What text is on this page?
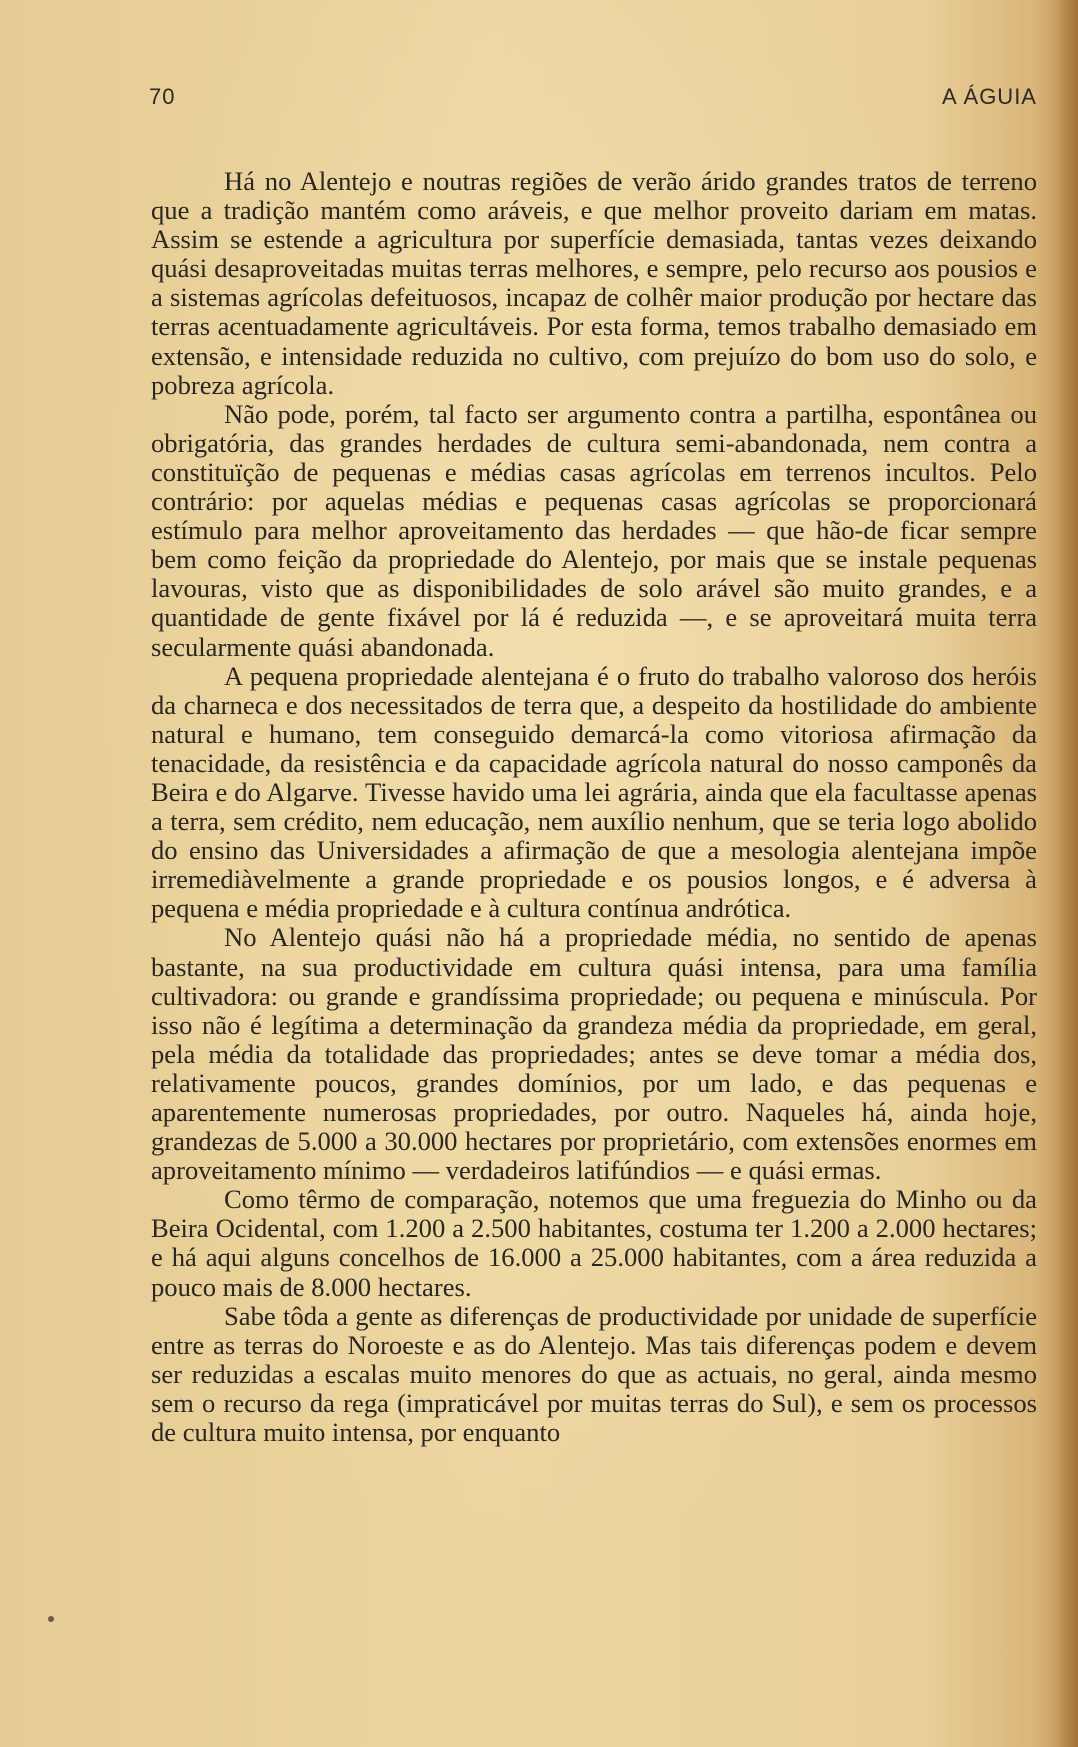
70	A ÁGUIA

Há no Alentejo e noutras regiões de verão árido grandes tratos de terreno que a tradição mantém como aráveis, e que melhor proveito dariam em matas. Assim se estende a agricultura por superfície demasiada, tantas vezes deixando quási desaproveitadas muitas terras melhores, e sempre, pelo recurso aos pousios e a sistemas agrícolas defeituosos, incapaz de colhêr maior produção por hectare das terras acentuadamente agricultáveis. Por esta forma, temos trabalho demasiado em extensão, e intensidade reduzida no cultivo, com prejuízo do bom uso do solo, e pobreza agrícola.

Não pode, porém, tal facto ser argumento contra a partilha, espontânea ou obrigatória, das grandes herdades de cultura semi-abandonada, nem contra a constituïção de pequenas e médias casas agrícolas em terrenos incultos. Pelo contrário: por aquelas médias e pequenas casas agrícolas se proporcionará estímulo para melhor aproveitamento das herdades — que hão-de ficar sempre bem como feição da propriedade do Alentejo, por mais que se instale pequenas lavouras, visto que as disponibilidades de solo arável são muito grandes, e a quantidade de gente fixável por lá é reduzida —, e se aproveitará muita terra secularmente quási abandonada.

A pequena propriedade alentejana é o fruto do trabalho valoroso dos heróis da charneca e dos necessitados de terra que, a despeito da hostilidade do ambiente natural e humano, tem conseguido demarcá-la como vitoriosa afirmação da tenacidade, da resistência e da capacidade agrícola natural do nosso camponês da Beira e do Algarve. Tivesse havido uma lei agrária, ainda que ela facultasse apenas a terra, sem crédito, nem educação, nem auxílio nenhum, que se teria logo abolido do ensino das Universidades a afirmação de que a mesologia alentejana impõe irremediàvelmente a grande propriedade e os pousios longos, e é adversa à pequena e média propriedade e à cultura contínua andrótica.

No Alentejo quási não há a propriedade média, no sentido de apenas bastante, na sua productividade em cultura quási intensa, para uma família cultivadora: ou grande e grandíssima propriedade; ou pequena e minúscula. Por isso não é legítima a determinação da grandeza média da propriedade, em geral, pela média da totalidade das propriedades; antes se deve tomar a média dos, relativamente poucos, grandes domínios, por um lado, e das pequenas e aparentemente numerosas propriedades, por outro. Naqueles há, ainda hoje, grandezas de 5.000 a 30.000 hectares por proprietário, com extensões enormes em aproveitamento mínimo — verdadeiros latifúndios — e quási ermas.

Como têrmo de comparação, notemos que uma freguezia do Minho ou da Beira Ocidental, com 1.200 a 2.500 habitantes, costuma ter 1.200 a 2.000 hectares; e há aqui alguns concelhos de 16.000 a 25.000 habitantes, com a área reduzida a pouco mais de 8.000 hectares.

Sabe tôda a gente as diferenças de productividade por unidade de superfície entre as terras do Noroeste e as do Alentejo. Mas tais diferenças podem e devem ser reduzidas a escalas muito menores do que as actuais, no geral, ainda mesmo sem o recurso da rega (impraticável por muitas terras do Sul), e sem os processos de cultura muito intensa, por enquanto
